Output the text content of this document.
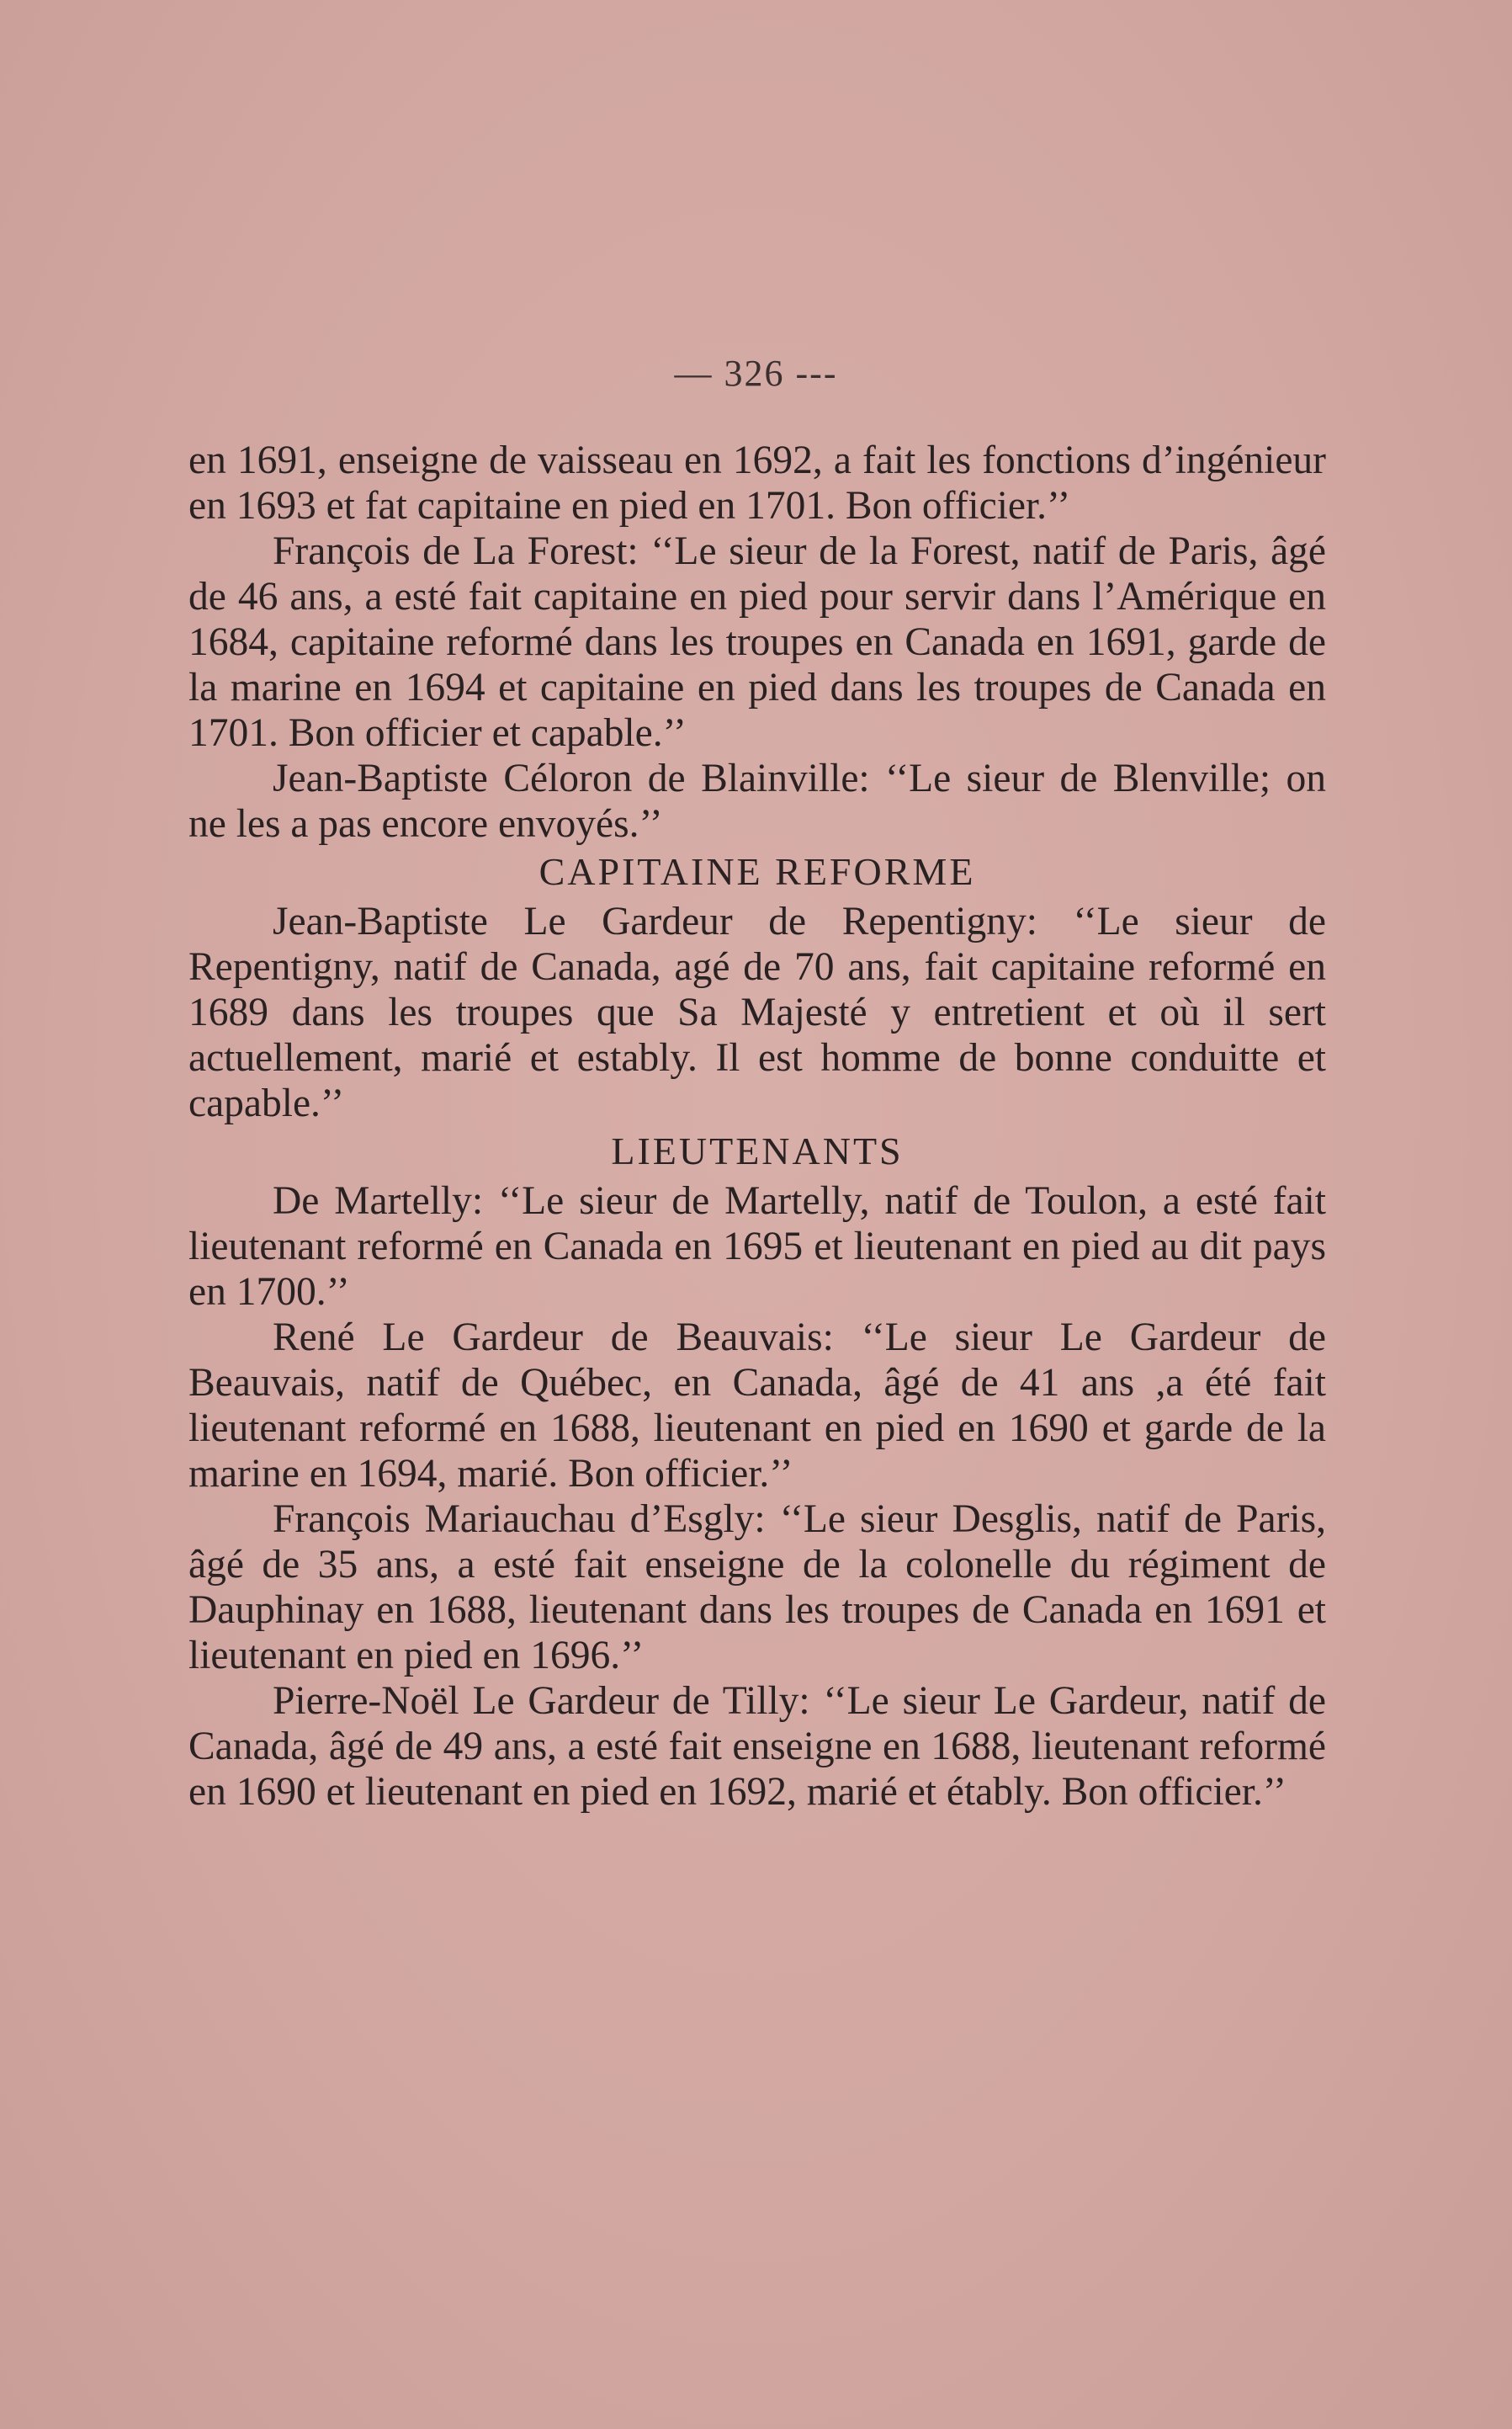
— 326 ---

en 1691, enseigne de vaisseau en 1692, a fait les fonctions d’ingénieur en 1693 et fat capitaine en pied en 1701. Bon officier.’’

François de La Forest: ‘‘Le sieur de la Forest, natif de Paris, âgé de 46 ans, a esté fait capitaine en pied pour servir dans l’Amérique en 1684, capitaine reformé dans les troupes en Canada en 1691, garde de la marine en 1694 et capitaine en pied dans les troupes de Canada en 1701. Bon officier et capable.’’

Jean-Baptiste Céloron de Blainville: ‘‘Le sieur de Blenville; on ne les a pas encore envoyés.’’

CAPITAINE REFORME

Jean-Baptiste Le Gardeur de Repentigny: ‘‘Le sieur de Repentigny, natif de Canada, agé de 70 ans, fait capitaine reformé en 1689 dans les troupes que Sa Majesté y entretient et où il sert actuellement, marié et estably. Il est homme de bonne conduitte et capable.’’

LIEUTENANTS

De Martelly: ‘‘Le sieur de Martelly, natif de Toulon, a esté fait lieutenant reformé en Canada en 1695 et lieutenant en pied au dit pays en 1700.’’

René Le Gardeur de Beauvais: ‘‘Le sieur Le Gardeur de Beauvais, natif de Québec, en Canada, âgé de 41 ans ,a été fait lieutenant reformé en 1688, lieutenant en pied en 1690 et garde de la marine en 1694, marié. Bon officier.’’

François Mariauchau d’Esgly: ‘‘Le sieur Desglis, natif de Paris, âgé de 35 ans, a esté fait enseigne de la colonelle du régiment de Dauphinay en 1688, lieutenant dans les troupes de Canada en 1691 et lieutenant en pied en 1696.’’

Pierre-Noël Le Gardeur de Tilly: ‘‘Le sieur Le Gardeur, natif de Canada, âgé de 49 ans, a esté fait enseigne en 1688, lieutenant reformé en 1690 et lieutenant en pied en 1692, marié et étably. Bon officier.’’
